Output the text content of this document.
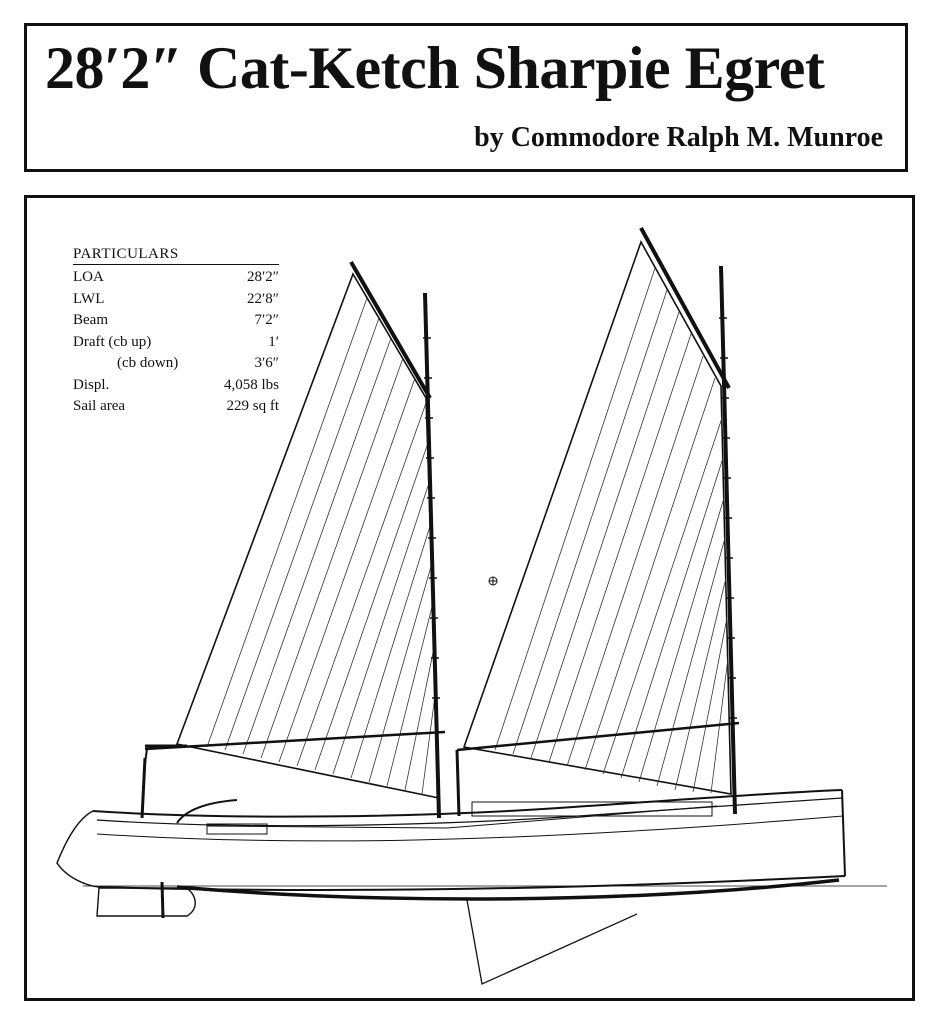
28′2″ Cat-Ketch Sharpie Egret
by Commodore Ralph M. Munroe
PARTICULARS
LOA	28′2″
LWL	22′8″
Beam	7′2″
Draft (cb up)	1′
(cb down)	3′6″
Displ.	4,058 lbs
Sail area	229 sq ft
